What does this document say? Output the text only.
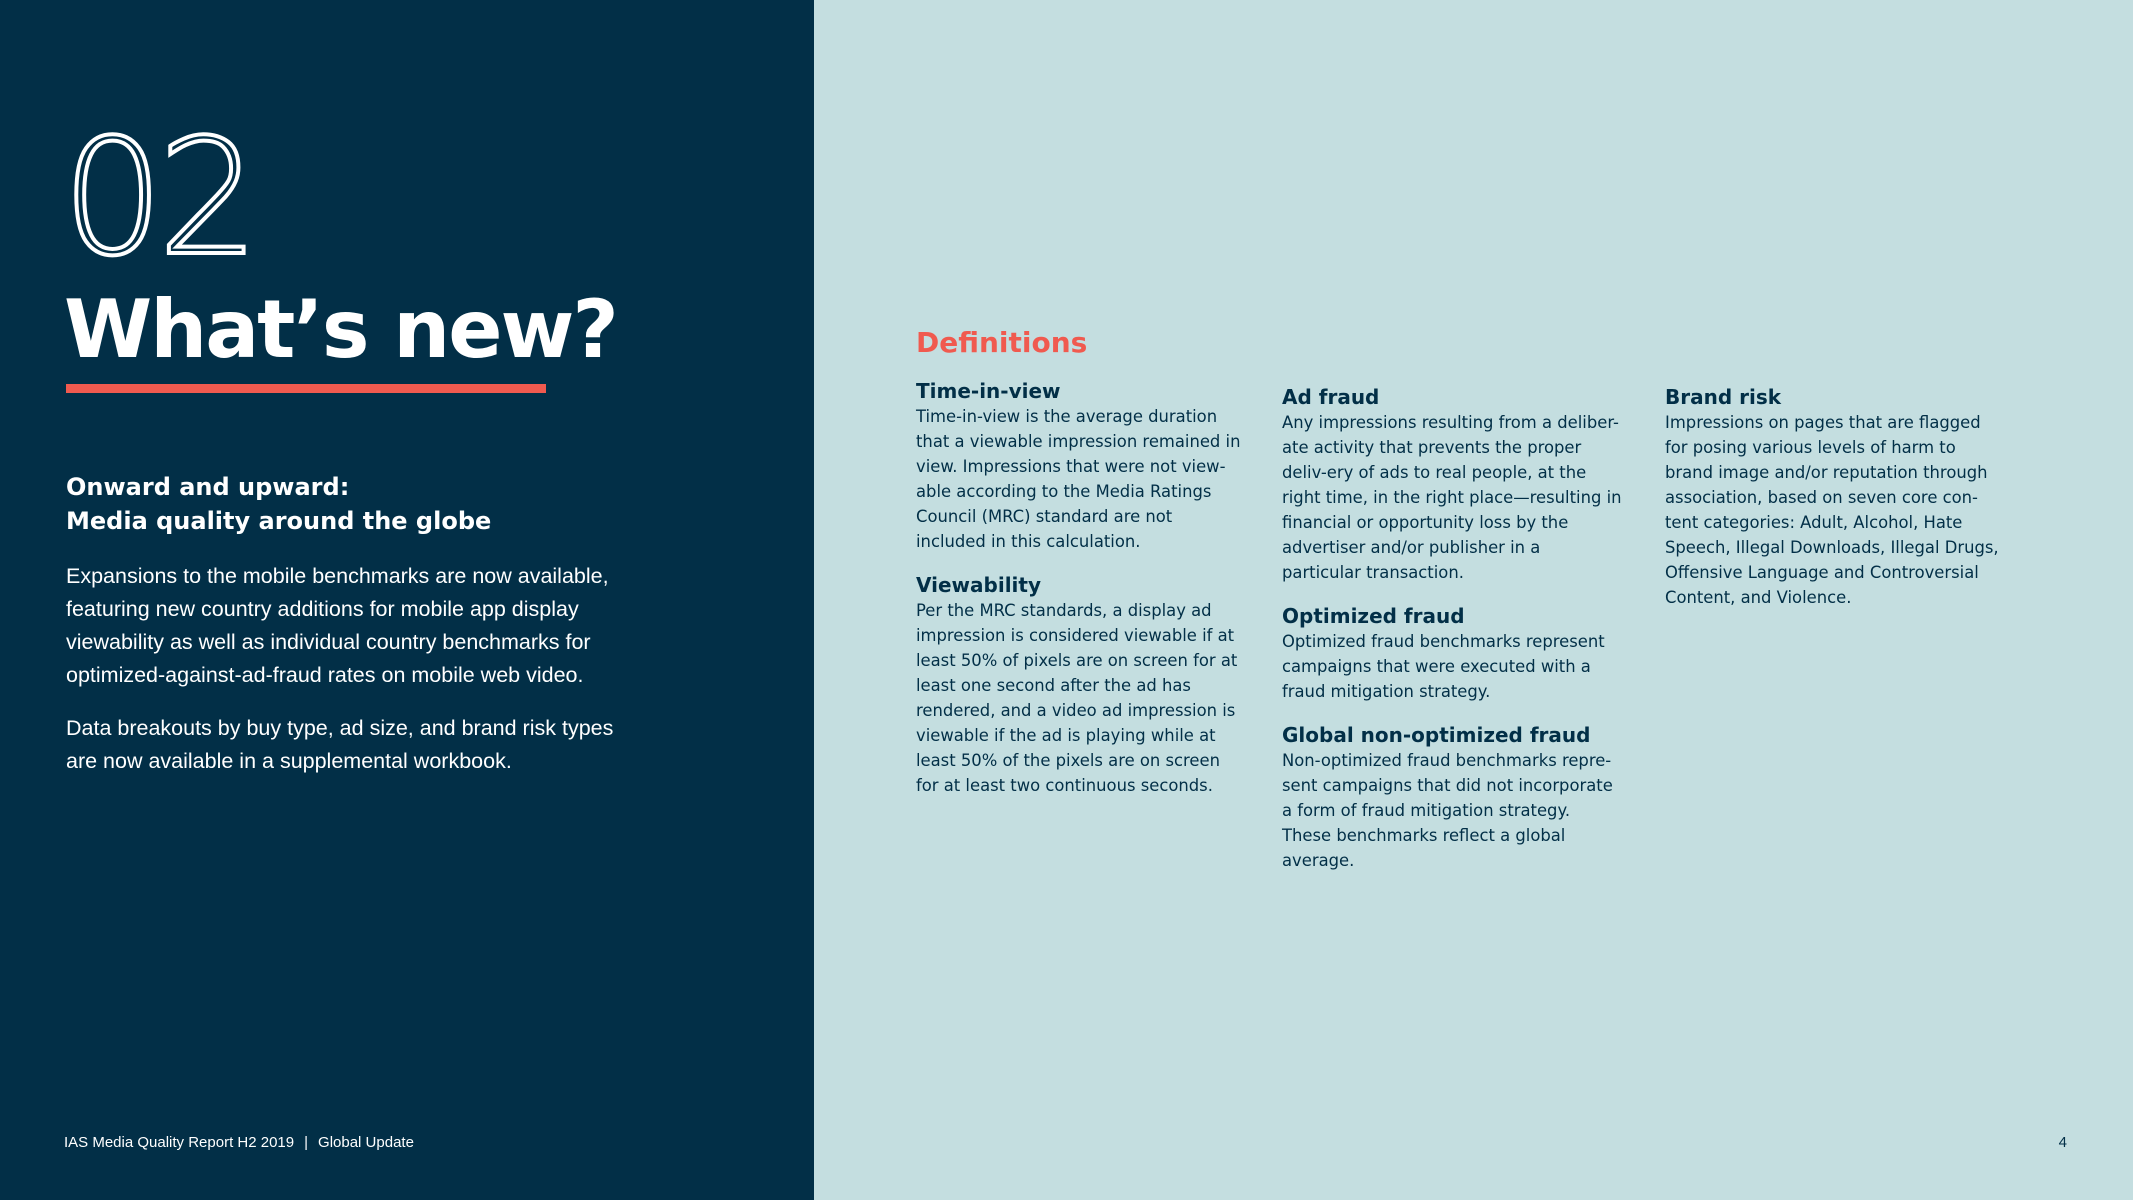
02
What’s new?
Onward and upward:
Media quality around the globe

Expansions to the mobile benchmarks are now available, featuring new country additions for mobile app display viewability as well as individual country benchmarks for optimized-against-ad-fraud rates on mobile web video.

Data breakouts by buy type, ad size, and brand risk types are now available in a supplemental workbook.

IAS Media Quality Report H2 2019 | Global Update
Definitions
Time-in-view

Time-in-view is the average duration that a viewable impression remained in view. Impressions that were not view-able according to the Media Ratings Council (MRC) standard are not included in this calculation.

Viewability

Per the MRC standards, a display ad impression is considered viewable if at least 50% of pixels are on screen for at least one second after the ad has rendered, and a video ad impression is viewable if the ad is playing while at least 50% of the pixels are on screen for at least two continuous seconds.

Ad fraud

Any impressions resulting from a deliber-ate activity that prevents the proper deliv-ery of ads to real people, at the right time, in the right place—resulting in financial or opportunity loss by the advertiser and/or publisher in a particular transaction.

Optimized fraud

Optimized fraud benchmarks represent campaigns that were executed with a fraud mitigation strategy.

Global non-optimized fraud

Non-optimized fraud benchmarks repre-sent campaigns that did not incorporate a form of fraud mitigation strategy. These benchmarks reflect a global average.

Brand risk

Impressions on pages that are flagged for posing various levels of harm to brand image and/or reputation through association, based on seven core con-tent categories: Adult, Alcohol, Hate Speech, Illegal Downloads, Illegal Drugs, Offensive Language and Controversial Content, and Violence.

4
